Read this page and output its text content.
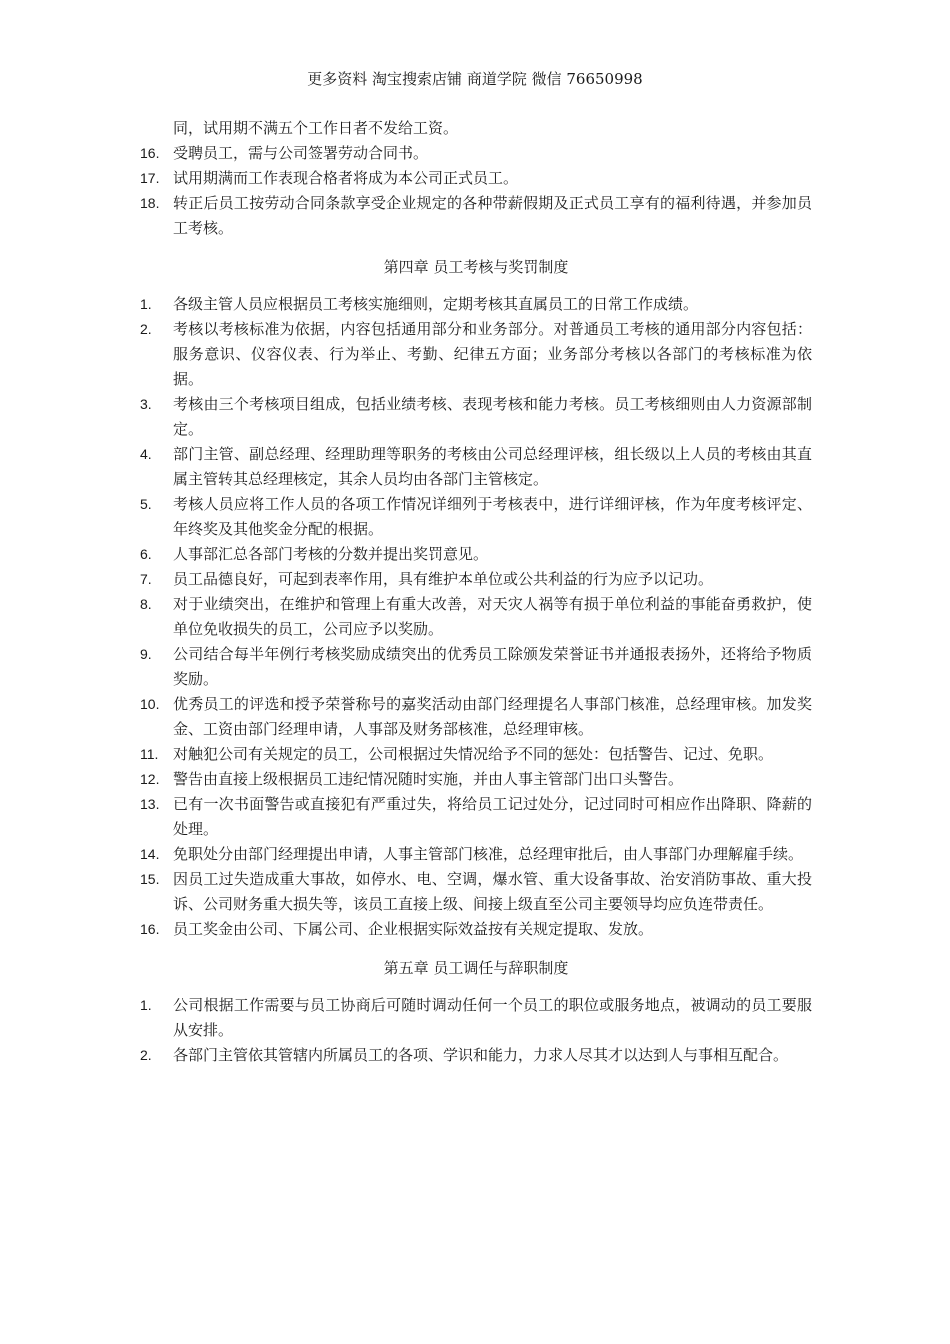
更多资料 淘宝搜索店铺 商道学院 微信 76650998
同，试用期不满五个工作日者不发给工资。
16. 受聘员工，需与公司签署劳动合同书。
17. 试用期满而工作表现合格者将成为本公司正式员工。
18. 转正后员工按劳动合同条款享受企业规定的各种带薪假期及正式员工享有的福利待遇，并参加员工考核。
第四章 员工考核与奖罚制度
1.	各级主管人员应根据员工考核实施细则，定期考核其直属员工的日常工作成绩。
2.	考核以考核标准为依据，内容包括通用部分和业务部分。对普通员工考核的通用部分内容包括：服务意识、仪容仪表、行为举止、考勤、纪律五方面；业务部分考核以各部门的考核标准为依据。
3.	考核由三个考核项目组成，包括业绩考核、表现考核和能力考核。员工考核细则由人力资源部制定。
4.	部门主管、副总经理、经理助理等职务的考核由公司总经理评核，组长级以上人员的考核由其直属主管转其总经理核定，其余人员均由各部门主管核定。
5.	考核人员应将工作人员的各项工作情况详细列于考核表中，进行详细评核，作为年度考核评定、年终奖及其他奖金分配的根据。
6.	人事部汇总各部门考核的分数并提出奖罚意见。
7.	员工品德良好，可起到表率作用，具有维护本单位或公共利益的行为应予以记功。
8.	对于业绩突出，在维护和管理上有重大改善，对天灾人祸等有损于单位利益的事能奋勇救护，使单位免收损失的员工，公司应予以奖励。
9.	公司结合每半年例行考核奖励成绩突出的优秀员工除颁发荣誉证书并通报表扬外，还将给予物质奖励。
10. 优秀员工的评选和授予荣誉称号的嘉奖活动由部门经理提名人事部门核准，总经理审核。加发奖金、工资由部门经理申请，人事部及财务部核准，总经理审核。
11. 对触犯公司有关规定的员工，公司根据过失情况给予不同的惩处：包括警告、记过、免职。
12. 警告由直接上级根据员工违纪情况随时实施，并由人事主管部门出口头警告。
13. 已有一次书面警告或直接犯有严重过失，将给员工记过处分，记过同时可相应作出降职、降薪的处理。
14. 免职处分由部门经理提出申请，人事主管部门核准，总经理审批后，由人事部门办理解雇手续。
15. 因员工过失造成重大事故，如停水、电、空调，爆水管、重大设备事故、治安消防事故、重大投诉、公司财务重大损失等，该员工直接上级、间接上级直至公司主要领导均应负连带责任。
16. 员工奖金由公司、下属公司、企业根据实际效益按有关规定提取、发放。
第五章 员工调任与辞职制度
1.	公司根据工作需要与员工协商后可随时调动任何一个员工的职位或服务地点，被调动的员工要服从安排。
2.	各部门主管依其管辖内所属员工的各项、学识和能力，力求人尽其才以达到人与事相互配合。
